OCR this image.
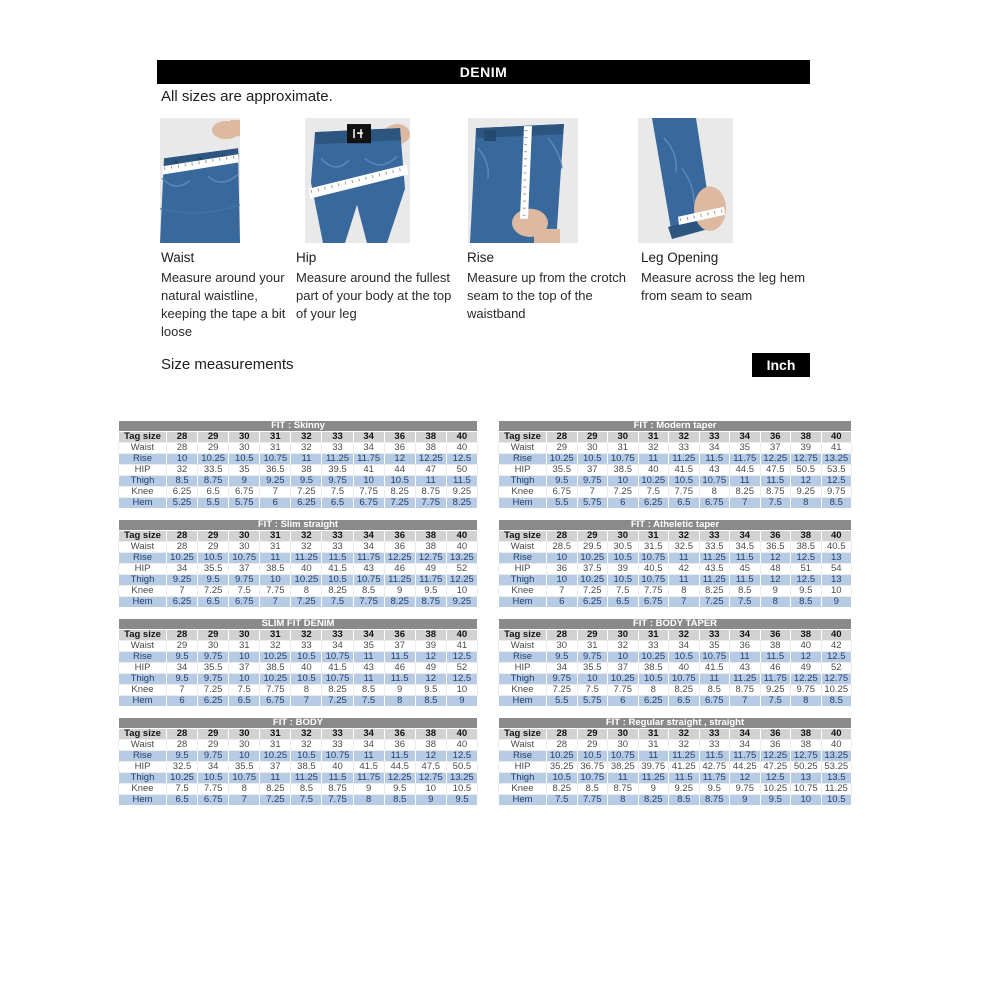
DENIM
All sizes are approximate.
Waist
Measure around your natural waistline, keeping the tape a bit loose
Hip
Measure around the fullest part of your body at the top of your leg
Rise
Measure up from the crotch seam to the top of the waistband
Leg Opening
Measure across the leg hem from seam to seam
Size measurements	Inch
FIT : Skinny										
Tag size	28	29	30	31	32	33	34	36	38	40
Waist	28	29	30	31	32	33	34	36	38	40
Rise	10	10.25	10.5	10.75	11	11.25	11.75	12	12.25	12.5
HIP	32	33.5	35	36.5	38	39.5	41	44	47	50
Thigh	8.5	8.75	9	9.25	9.5	9.75	10	10.5	11	11.5
Knee	6.25	6.5	6.75	7	7.25	7.5	7.75	8.25	8.75	9.25
Hem	5.25	5.5	5.75	6	6.25	6.5	6.75	7.25	7.75	8.25
FIT : Slim straight										
Tag size	28	29	30	31	32	33	34	36	38	40
Waist	28	29	30	31	32	33	34	36	38	40
Rise	10.25	10.5	10.75	11	11.25	11.5	11.75	12.25	12.75	13.25
HIP	34	35.5	37	38.5	40	41.5	43	46	49	52
Thigh	9.25	9.5	9.75	10	10.25	10.5	10.75	11.25	11.75	12.25
Knee	7	7.25	7.5	7.75	8	8.25	8.5	9	9.5	10
Hem	6.25	6.5	6.75	7	7.25	7.5	7.75	8.25	8.75	9.25
SLIM FIT DENIM										
Tag size	28	29	30	31	32	33	34	36	38	40
Waist	29	30	31	32	33	34	35	37	39	41
Rise	9.5	9.75	10	10.25	10.5	10.75	11	11.5	12	12.5
HIP	34	35.5	37	38.5	40	41.5	43	46	49	52
Thigh	9.5	9.75	10	10.25	10.5	10.75	11	11.5	12	12.5
Knee	7	7.25	7.5	7.75	8	8.25	8.5	9	9.5	10
Hem	6	6.25	6.5	6.75	7	7.25	7.5	8	8.5	9
FIT : BODY										
Tag size	28	29	30	31	32	33	34	36	38	40
Waist	28	29	30	31	32	33	34	36	38	40
Rise	9.5	9.75	10	10.25	10.5	10.75	11	11.5	12	12.5
HIP	32.5	34	35.5	37	38.5	40	41.5	44.5	47.5	50.5
Thigh	10.25	10.5	10.75	11	11.25	11.5	11.75	12.25	12.75	13.25
Knee	7.5	7.75	8	8.25	8.5	8.75	9	9.5	10	10.5
Hem	6.5	6.75	7	7.25	7.5	7.75	8	8.5	9	9.5
FIT : Modern taper										
Tag size	28	29	30	31	32	33	34	36	38	40
Waist	29	30	31	32	33	34	35	37	39	41
Rise	10.25	10.5	10.75	11	11.25	11.5	11.75	12.25	12.75	13.25
HIP	35.5	37	38.5	40	41.5	43	44.5	47.5	50.5	53.5
Thigh	9.5	9.75	10	10.25	10.5	10.75	11	11.5	12	12.5
Knee	6.75	7	7.25	7.5	7.75	8	8.25	8.75	9.25	9.75
Hem	5.5	5.75	6	6.25	6.5	6.75	7	7.5	8	8.5
FIT : Atheletic taper										
Tag size	28	29	30	31	32	33	34	36	38	40
Waist	28.5	29.5	30.5	31.5	32.5	33.5	34.5	36.5	38.5	40.5
Rise	10	10.25	10.5	10.75	11	11.25	11.5	12	12.5	13
HIP	36	37.5	39	40.5	42	43.5	45	48	51	54
Thigh	10	10.25	10.5	10.75	11	11.25	11.5	12	12.5	13
Knee	7	7.25	7.5	7.75	8	8.25	8.5	9	9.5	10
Hem	6	6.25	6.5	6.75	7	7.25	7.5	8	8.5	9
FIT : BODY TAPER										
Tag size	28	29	30	31	32	33	34	36	38	40
Waist	30	31	32	33	34	35	36	38	40	42
Rise	9.5	9.75	10	10.25	10.5	10.75	11	11.5	12	12.5
HIP	34	35.5	37	38.5	40	41.5	43	46	49	52
Thigh	9.75	10	10.25	10.5	10.75	11	11.25	11.75	12.25	12.75
Knee	7.25	7.5	7.75	8	8.25	8.5	8.75	9.25	9.75	10.25
Hem	5.5	5.75	6	6.25	6.5	6.75	7	7.5	8	8.5
FIT : Regular straight , straight										
Tag size	28	29	30	31	32	33	34	36	38	40
Waist	28	29	30	31	32	33	34	36	38	40
Rise	10.25	10.5	10.75	11	11.25	11.5	11.75	12.25	12.75	13.25
HIP	35.25	36.75	38.25	39.75	41.25	42.75	44.25	47.25	50.25	53.25
Thigh	10.5	10.75	11	11.25	11.5	11.75	12	12.5	13	13.5
Knee	8.25	8.5	8.75	9	9.25	9.5	9.75	10.25	10.75	11.25
Hem	7.5	7.75	8	8.25	8.5	8.75	9	9.5	10	10.5
